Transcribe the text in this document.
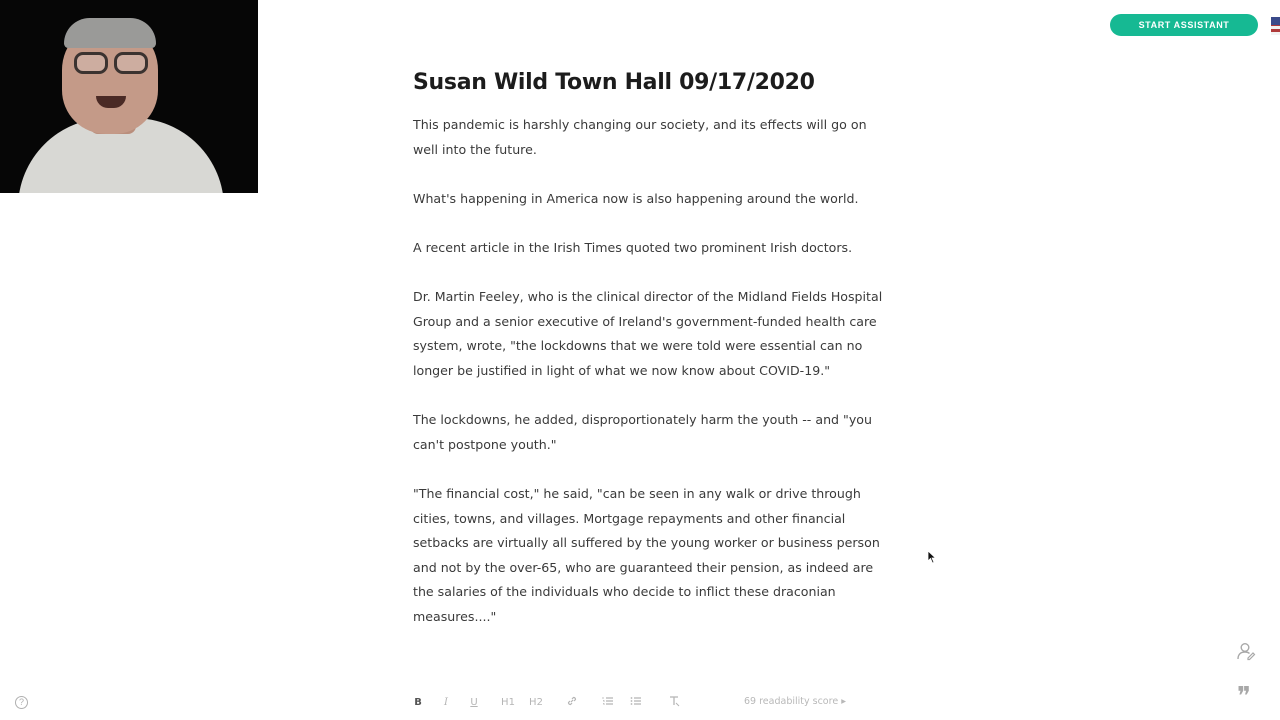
START ASSISTANT
Susan Wild Town Hall 09/17/2020

This pandemic is harshly changing our society, and its effects will go on well into the future.

What's happening in America now is also happening around the world.

A recent article in the Irish Times quoted two prominent Irish doctors.

Dr. Martin Feeley, who is the clinical director of the Midland Fields Hospital Group and a senior executive of Ireland's government-funded health care system, wrote, "the lockdowns that we were told were essential can no longer be justified in light of what we now know about COVID-19."

The lockdowns, he added, disproportionately harm the youth -- and "you can't postpone youth."

"The financial cost," he said, "can be seen in any walk or drive through cities, towns, and villages. Mortgage repayments and other financial setbacks are virtually all suffered by the young worker or business person and not by the over-65, who are guaranteed their pension, as indeed are the salaries of the individuals who decide to inflict these draconian measures...."

?	B	I	U H1 H2	69 readability score ▸	❞
